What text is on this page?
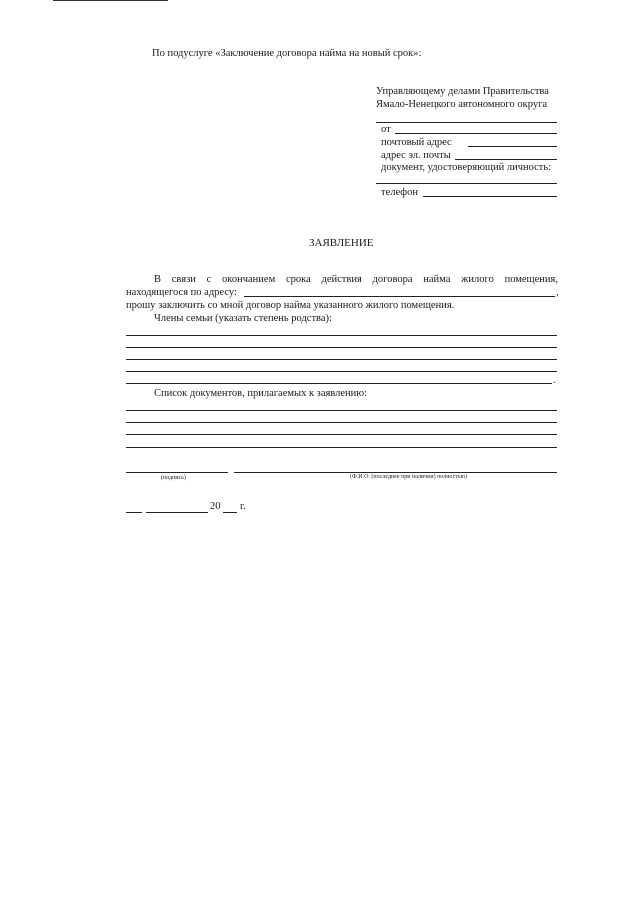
По подуслуге «Заключение договора найма на новый срок»:
Управляющему делами Правительства
Ямало-Ненецкого автономного округа
от
почтовый адрес
адрес эл. почты
документ, удостоверяющий личность:
телефон
ЗАЯВЛЕНИЕ
В связи с окончанием срока действия договора найма жилого помещения,
находящегося по адресу:	,
прошу заключить со мной договор найма указанного жилого помещения.
Члены семьи (указать степень родства):
.
Список документов, прилагаемых к заявлению:
(подпись)	(Ф.И.О. (последнее при наличии) полностью)
20 г.
